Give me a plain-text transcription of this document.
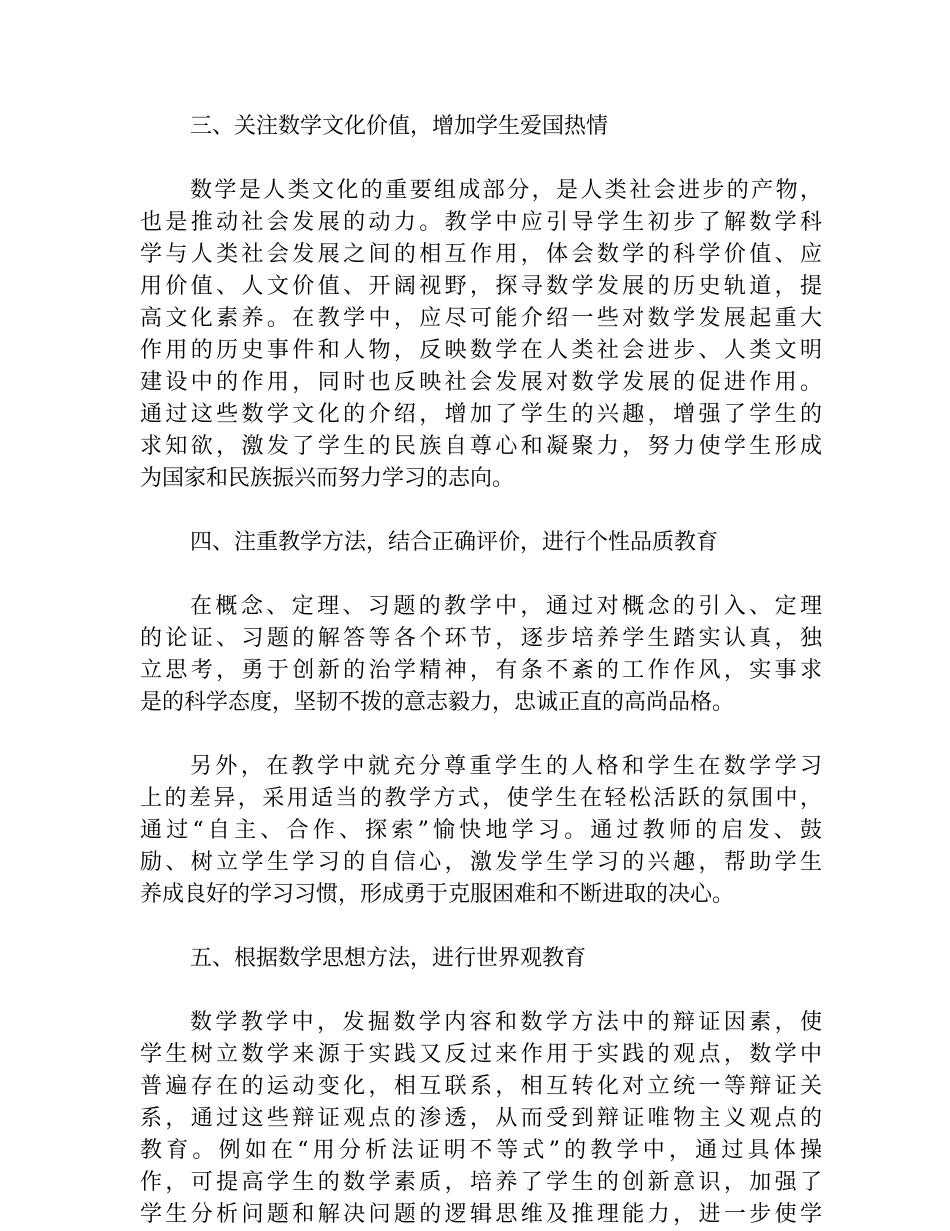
三、关注数学文化价值，增加学生爱国热情

数学是人类文化的重要组成部分，是人类社会进步的产物，
也是推动社会发展的动力。教学中应引导学生初步了解数学科
学与人类社会发展之间的相互作用，体会数学的科学价值、应
用价值、人文价值、开阔视野，探寻数学发展的历史轨道，提
高文化素养。在教学中，应尽可能介绍一些对数学发展起重大
作用的历史事件和人物，反映数学在人类社会进步、人类文明
建设中的作用，同时也反映社会发展对数学发展的促进作用。
通过这些数学文化的介绍，增加了学生的兴趣，增强了学生的
求知欲，激发了学生的民族自尊心和凝聚力，努力使学生形成
为国家和民族振兴而努力学习的志向。

四、注重教学方法，结合正确评价，进行个性品质教育

在概念、定理、习题的教学中，通过对概念的引入、定理
的论证、习题的解答等各个环节，逐步培养学生踏实认真，独
立思考，勇于创新的治学精神，有条不紊的工作作风，实事求
是的科学态度，坚韧不拨的意志毅力，忠诚正直的高尚品格。
另外，在教学中就充分尊重学生的人格和学生在数学学习
上的差异，采用适当的教学方式，使学生在轻松活跃的氛围中，
通过“自主、合作、探索”愉快地学习。通过教师的启发、鼓
励、树立学生学习的自信心，激发学生学习的兴趣，帮助学生
养成良好的学习习惯，形成勇于克服困难和不断进取的决心。

五、根据数学思想方法，进行世界观教育

数学教学中，发掘数学内容和数学方法中的辩证因素，使
学生树立数学来源于实践又反过来作用于实践的观点，数学中
普遍存在的运动变化，相互联系，相互转化对立统一等辩证关
系，通过这些辩证观点的渗透，从而受到辩证唯物主义观点的
教育。例如在“用分析法证明不等式”的教学中，通过具体操
作，可提高学生的数学素质，培养了学生的创新意识，加强了
学生分析问题和解决问题的逻辑思维及推理能力，进一步使学
